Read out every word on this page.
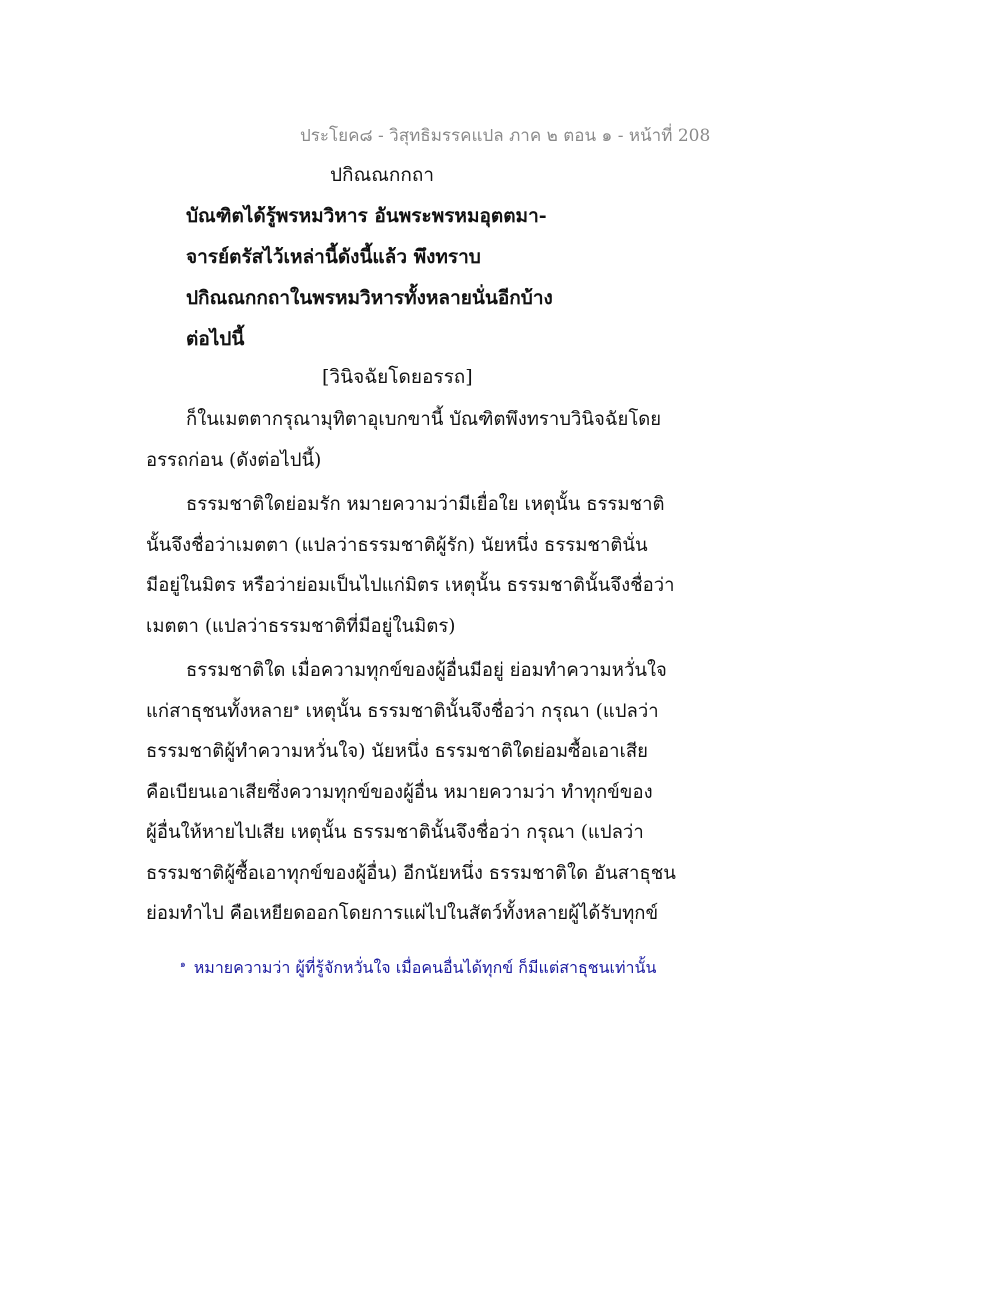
ประโยค๘ - วิสุทธิมรรคแปล ภาค ๒ ตอน ๑ - หน้าที่ 208
ปกิณณกกถา
บัณฑิตได้รู้พรหมวิหาร อันพระพรหมอุตตมา-
จารย์ตรัสไว้เหล่านี้ดังนี้แล้ว พึงทราบ
ปกิณณกกถาในพรหมวิหารทั้งหลายนั่นอีกบ้าง
ต่อไปนี้
[วินิจฉัยโดยอรรถ]
ก็ในเมตตากรุณามุทิตาอุเบกขานี้ บัณฑิตพึงทราบวินิจฉัยโดย
อรรถก่อน (ดังต่อไปนี้)
ธรรมชาติใดย่อมรัก หมายความว่ามีเยื่อใย เหตุนั้น ธรรมชาติ
นั้นจึงชื่อว่าเมตตา (แปลว่าธรรมชาติผู้รัก) นัยหนึ่ง ธรรมชาตินั่น
มีอยู่ในมิตร หรือว่าย่อมเป็นไปแก่มิตร เหตุนั้น ธรรมชาตินั้นจึงชื่อว่า
เมตตา (แปลว่าธรรมชาติที่มีอยู่ในมิตร)
ธรรมชาติใด เมื่อความทุกข์ของผู้อื่นมีอยู่ ย่อมทำความหวั่นใจ
แก่สาธุชนทั้งหลาย$^๑$ เหตุนั้น ธรรมชาตินั้นจึงชื่อว่า กรุณา (แปลว่า
ธรรมชาติผู้ทำความหวั่นใจ) นัยหนึ่ง ธรรมชาติใดย่อมซื้อเอาเสีย
คือเบียนเอาเสียซึ่งความทุกข์ของผู้อื่น หมายความว่า ทำทุกข์ของ
ผู้อื่นให้หายไปเสีย เหตุนั้น ธรรมชาตินั้นจึงชื่อว่า กรุณา (แปลว่า
ธรรมชาติผู้ซื้อเอาทุกข์ของผู้อื่น) อีกนัยหนึ่ง ธรรมชาติใด อันสาธุชน
ย่อมทำไป คือเหยียดออกโดยการแผ่ไปในสัตว์ทั้งหลายผู้ได้รับทุกข์
$^๑$ หมายความว่า ผู้ที่รู้จักหวั่นใจ เมื่อคนอื่นได้ทุกข์ ก็มีแต่สาธุชนเท่านั้น
